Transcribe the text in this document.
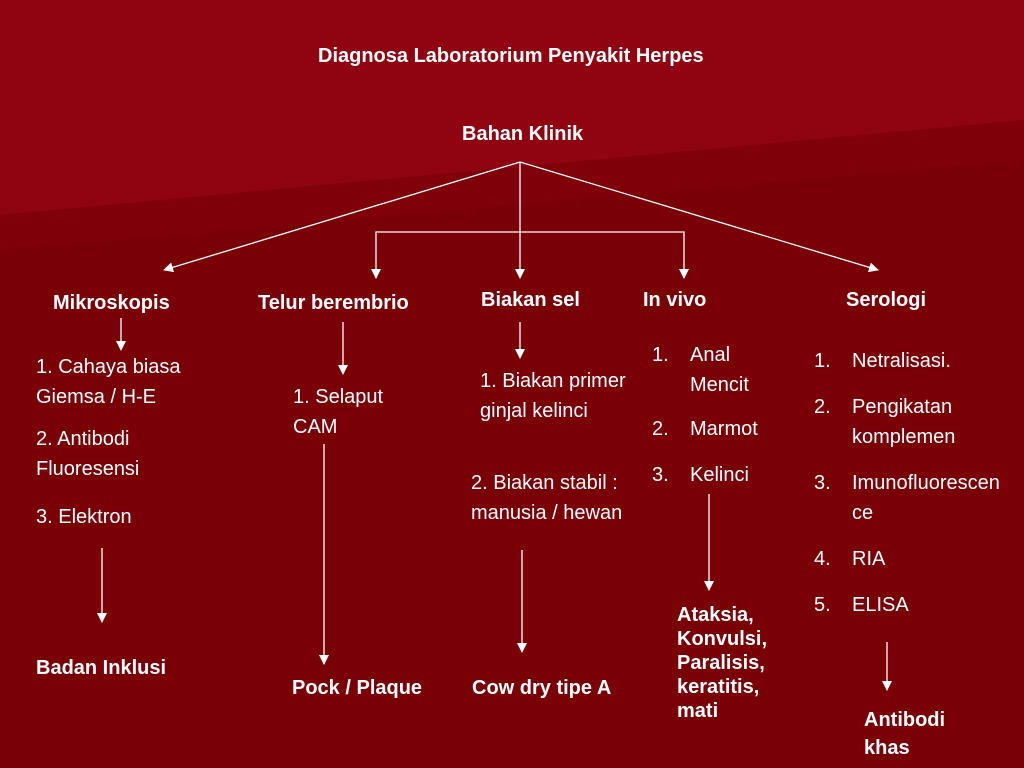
Diagnosa Laboratorium Penyakit Herpes
Bahan Klinik
Mikroskopis	Telur berembrio	Biakan sel	In vivo	Serologi
1. Cahaya biasa Giemsa / H-E
2. Antibodi Fluoresensi
3. Elektron
Badan Inklusi
1. Selaput CAM
Pock / Plaque
1. Biakan primer ginjal kelinci
2. Biakan stabil : manusia / hewan
Cow dry tipe A
1. Anal Mencit
2. Marmot
3. Kelinci
Ataksia, Konvulsi, Paralisis, keratitis, mati
1. Netralisasi.
2. Pengikatan komplemen
3. Imunofluorescence
4. RIA
5. ELISA
Antibodi khas
